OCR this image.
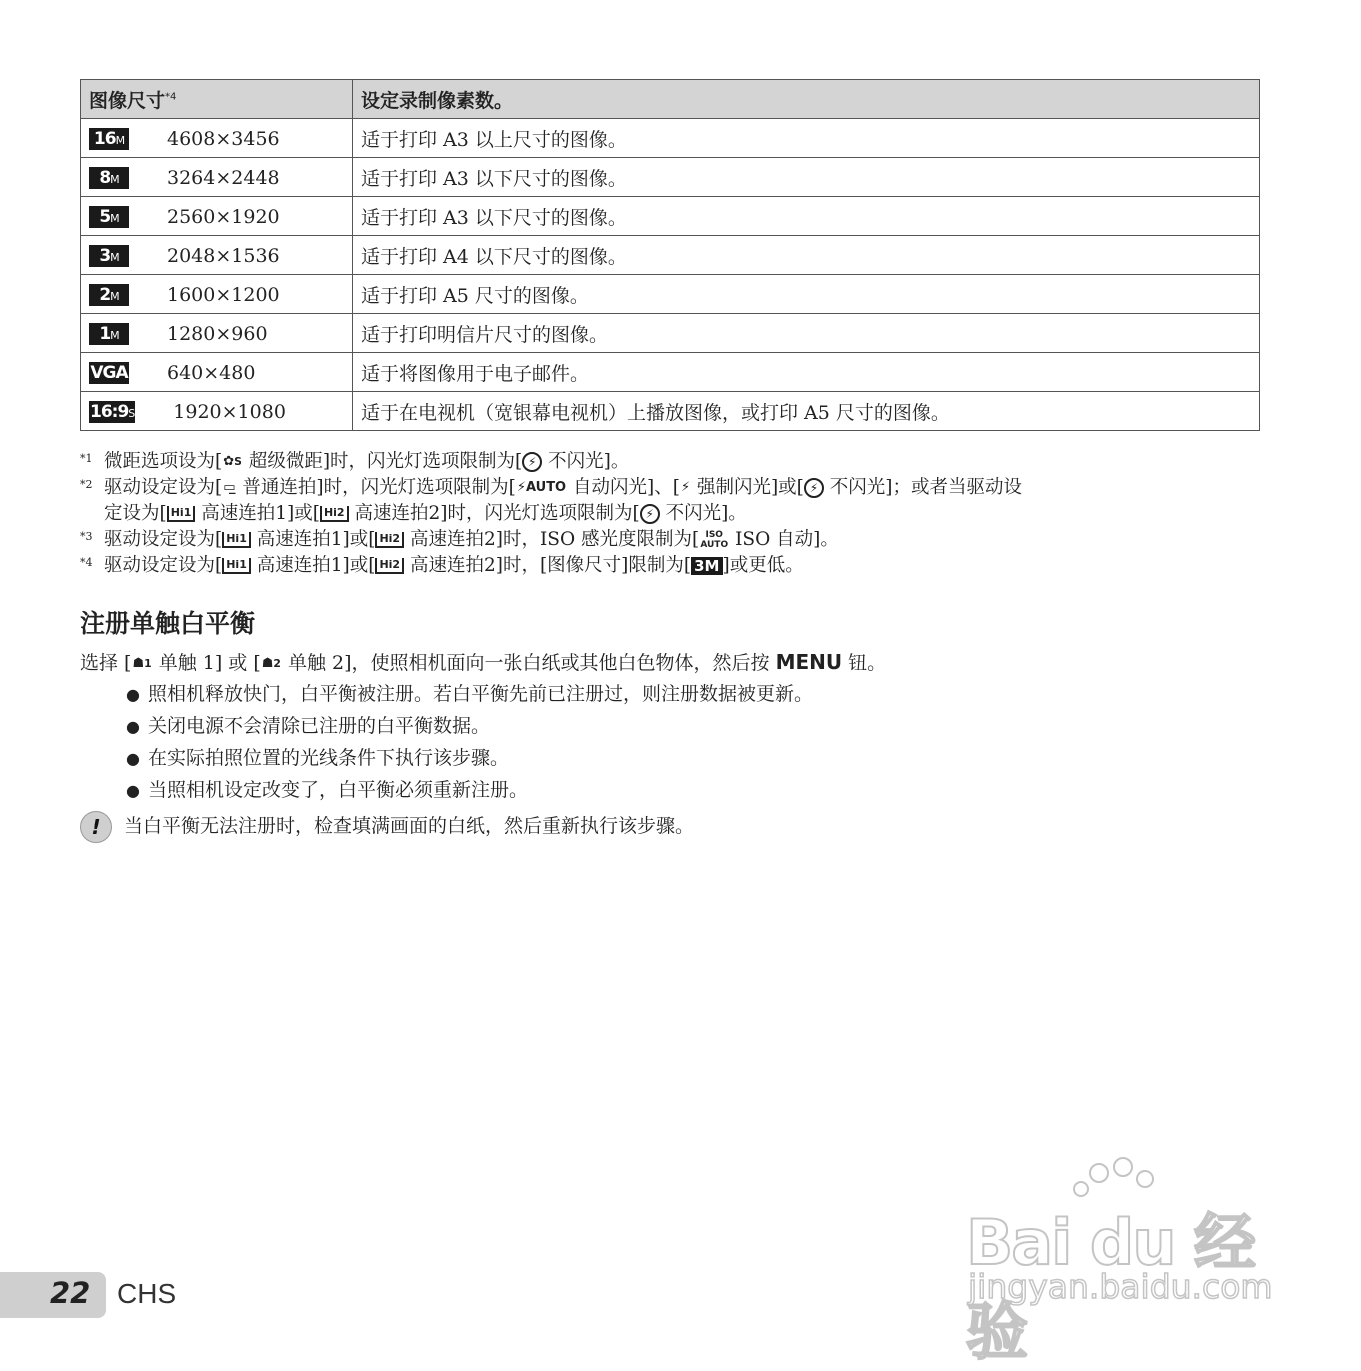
图像尺寸$^{*4}$	设定录制像素数。
16M 4608×3456	适于打印 A3 以上尺寸的图像。
8M 3264×2448	适于打印 A3 以下尺寸的图像。
5M 2560×1920	适于打印 A3 以下尺寸的图像。
3M 2048×1536	适于打印 A4 以下尺寸的图像。
2M 1600×1200	适于打印 A5 尺寸的图像。
1M 1280×960	适于打印明信片尺寸的图像。
VGA 640×480	适于将图像用于电子邮件。
16:9S 1920×1080	适于在电视机（宽银幕电视机）上播放图像，或打印 A5 尺寸的图像。
*1 微距选项设为[✿S 超级微距]时，闪光灯选项限制为[ ⚡ 不闪光]。
*2 驱动设定设为[▭̲ 普通连拍]时，闪光灯选项限制为[⚡AUTO 自动闪光]、[⚡ 强制闪光]或[ ⚡ 不闪光]；或者当驱动设
定设为[ Hi1 高速连拍1]或[ Hi2 高速连拍2]时，闪光灯选项限制为[ ⚡ 不闪光]。
*3 驱动设定设为[ Hi1 高速连拍1]或[ Hi2 高速连拍2]时，ISO 感光度限制为[ ISO AUTO ISO 自动]。
*4 驱动设定设为[ Hi1 高速连拍1]或[ Hi2 高速连拍2]时，[图像尺寸]限制为[ 3M ]或更低。
注册单触白平衡
选择 [☗1 单触 1] 或 [☗2 单触 2]，使照相机面向一张白纸或其他白色物体，然后按 MENU 钮。
● 照相机释放快门，白平衡被注册。若白平衡先前已注册过，则注册数据被更新。
● 关闭电源不会清除已注册的白平衡数据。
● 在实际拍照位置的光线条件下执行该步骤。
● 当照相机设定改变了，白平衡必须重新注册。
! 当白平衡无法注册时，检查填满画面的白纸，然后重新执行该步骤。
22 CHS
Bai du 经验
jingyan.baidu.com
